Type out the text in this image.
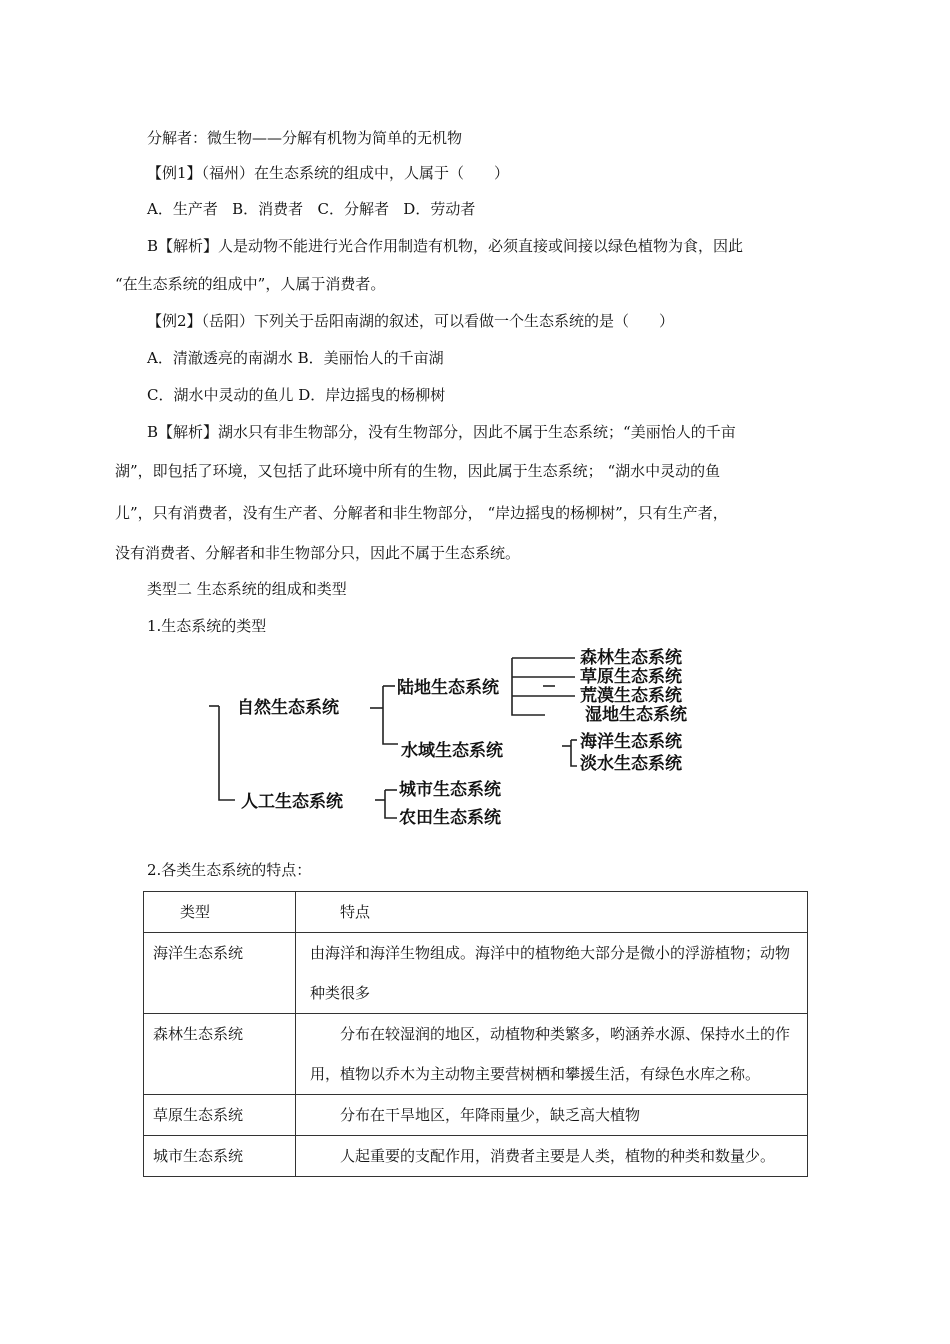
分解者：微生物——分解有机物为简单的无机物
【例1】（福州）在生态系统的组成中，人属于（　　）
A．生产者 B．消费者 C．分解者 D．劳动者
B【解析】人是动物不能进行光合作用制造有机物，必须直接或间接以绿色植物为食，因此
“在生态系统的组成中”，人属于消费者。
【例2】（岳阳）下列关于岳阳南湖的叙述，可以看做一个生态系统的是（　　）
A．清澈透亮的南湖水 B．美丽怡人的千亩湖
C．湖水中灵动的鱼儿 D．岸边摇曳的杨柳树
B【解析】湖水只有非生物部分，没有生物部分，因此不属于生态系统；“美丽怡人的千亩
湖”，即包括了环境，又包括了此环境中所有的生物，因此属于生态系统； “湖水中灵动的鱼
儿”，只有消费者，没有生产者、分解者和非生物部分， “岸边摇曳的杨柳树”，只有生产者，
没有消费者、分解者和非生物部分只，因此不属于生态系统。
类型二 生态系统的组成和类型
1.生态系统的类型
自然生态系统
人工生态系统
陆地生态系统
水域生态系统
森林生态系统
草原生态系统
荒漠生态系统
湿地生态系统
海洋生态系统
淡水生态系统
城市生态系统
农田生态系统
2.各类生态系统的特点：
类型	特点
海洋生态系统	由海洋和海洋生物组成。海洋中的植物绝大部分是微小的浮游植物；动物种类很多
森林生态系统	分布在较湿润的地区，动植物种类繁多，哟涵养水源、保持水土的作用，植物以乔木为主动物主要营树栖和攀援生活，有绿色水库之称。
草原生态系统	分布在干旱地区，年降雨量少，缺乏高大植物
城市生态系统	人起重要的支配作用，消费者主要是人类，植物的种类和数量少。
